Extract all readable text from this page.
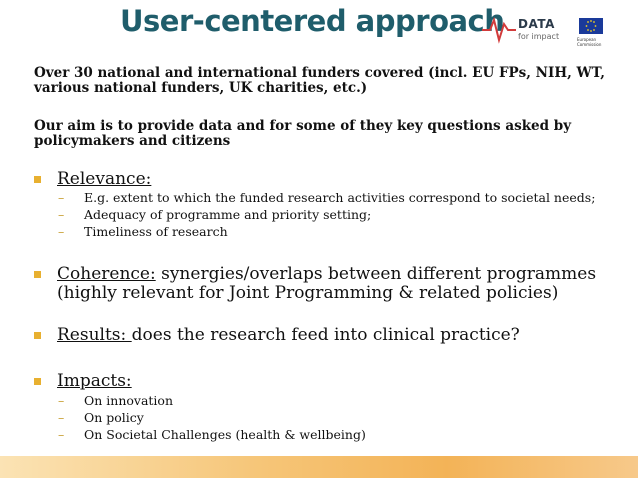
User-centered approach DATA
for impact	European Commission
Over 30 national and international funders covered (incl. EU FPs, NIH, WT, various national funders, UK charities, etc.)
Our aim is to provide data and for some of they key questions asked by policymakers and citizens
Relevance:
– E.g. extent to which the funded research activities correspond to societal needs;
– Adequacy of programme and priority setting;
– Timeliness of research
Coherence: synergies/overlaps between different programmes
(highly relevant for Joint Programming & related policies)
Results: does the research feed into clinical practice?
Impacts:
– On innovation
– On policy
– On Societal Challenges (health & wellbeing)
